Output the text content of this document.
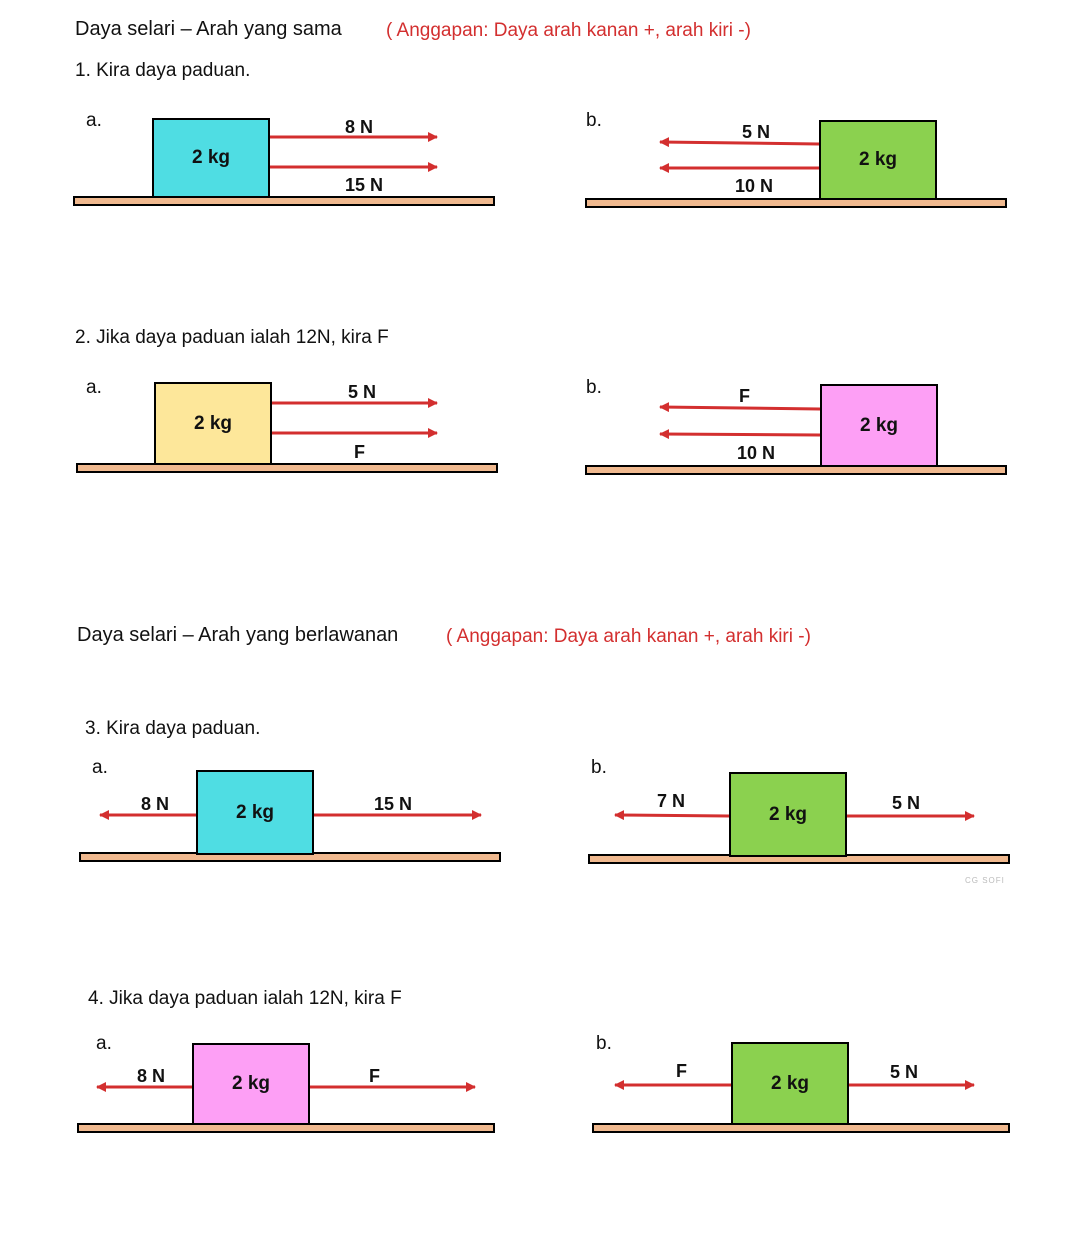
Daya selari – Arah yang sama ( Anggapan: Daya arah kanan +, arah kiri -)
1. Kira daya paduan.
a.
2 kg
8 N
15 N
b.
2 kg
5 N
10 N
2. Jika daya paduan ialah 12N, kira F
a.
2 kg
5 N
F
b.
2 kg
F
10 N
Daya selari – Arah yang berlawanan	( Anggapan: Daya arah kanan +, arah kiri -)
3. Kira daya paduan.
a.
2 kg
8 N	15 N
b.
2 kg
7 N	5 N
CG SOFI
4. Jika daya paduan ialah 12N, kira F
a.
2 kg
8 N	F
b.
2 kg
F	5 N
